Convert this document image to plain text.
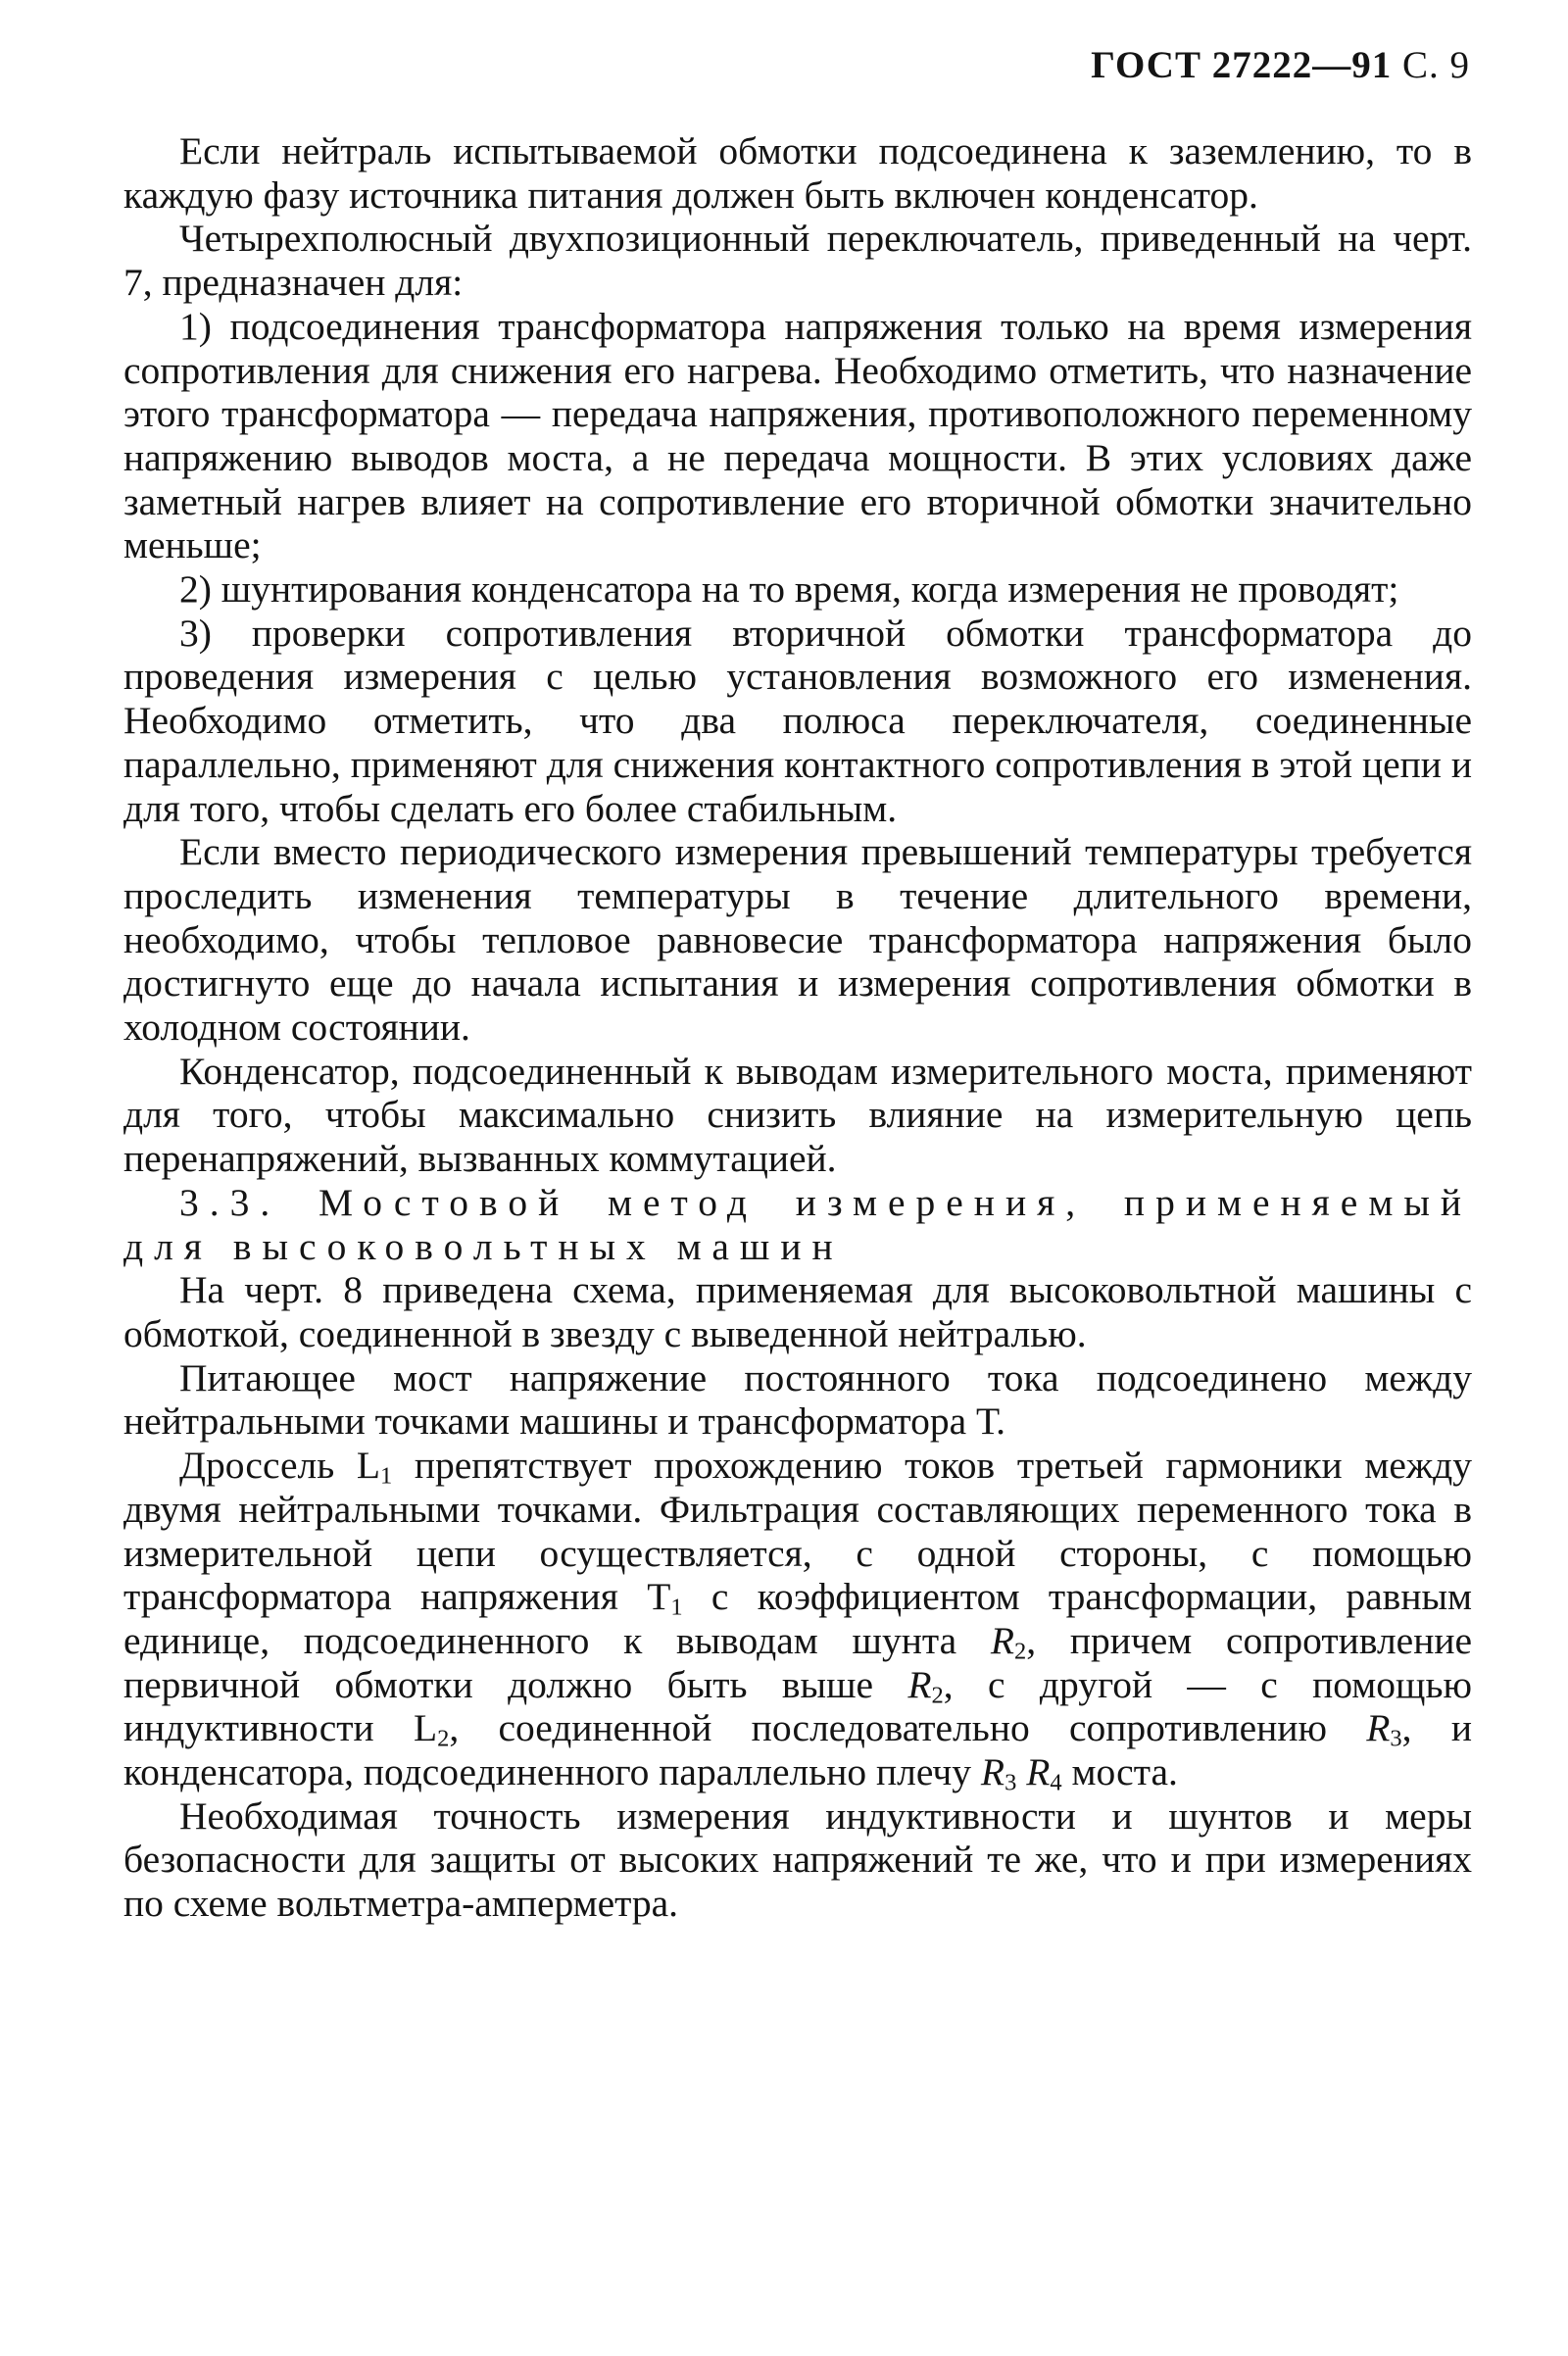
ГОСТ 27222—91 С. 9

Если нейтраль испытываемой обмотки подсоединена к заземлению, то в каждую фазу источника питания должен быть включен конденсатор.

Четырехполюсный двухпозиционный переключатель, приведенный на черт. 7, предназначен для:

1) подсоединения трансформатора напряжения только на время измерения сопротивления для снижения его нагрева. Необходимо отметить, что назначение этого трансформатора — передача напряжения, противоположного переменному напряжению выводов моста, а не передача мощности. В этих условиях даже заметный нагрев влияет на сопротивление его вторичной обмотки значительно меньше;

2) шунтирования конденсатора на то время, когда измерения не проводят;

3) проверки сопротивления вторичной обмотки трансформатора до проведения измерения с целью установления возможного его изменения. Необходимо отметить, что два полюса переключателя, соединенные параллельно, применяют для снижения контактного сопротивления в этой цепи и для того, чтобы сделать его более стабильным.

Если вместо периодического измерения превышений температуры требуется проследить изменения температуры в течение длительного времени, необходимо, чтобы тепловое равновесие трансформатора напряжения было достигнуто еще до начала испытания и измерения сопротивления обмотки в холодном состоянии.

Конденсатор, подсоединенный к выводам измерительного моста, применяют для того, чтобы максимально снизить влияние на измерительную цепь перенапряжений, вызванных коммутацией.

3.3. Мостовой метод измерения, применяемый для высоковольтных машин

На черт. 8 приведена схема, применяемая для высоковольтной машины с обмоткой, соединенной в звезду с выведенной нейтралью.

Питающее мост напряжение постоянного тока подсоединено между нейтральными точками машины и трансформатора Т.

Дроссель $L_1$ препятствует прохождению токов третьей гармоники между двумя нейтральными точками. Фильтрация составляющих переменного тока в измерительной цепи осуществляется, с одной стороны, с помощью трансформатора напряжения $Т_1$ с коэффициентом трансформации, равным единице, подсоединенного к выводам шунта $R_2$, причем сопротивление первичной обмотки должно быть выше $R_2$, с другой — с помощью индуктивности $L_2$, соединенной последовательно сопротивлению $R_3$, и конденсатора, подсоединенного параллельно плечу $R_3$ $R_4$ моста.

Необходимая точность измерения индуктивности и шунтов и меры безопасности для защиты от высоких напряжений те же, что и при измерениях по схеме вольтметра-амперметра.
